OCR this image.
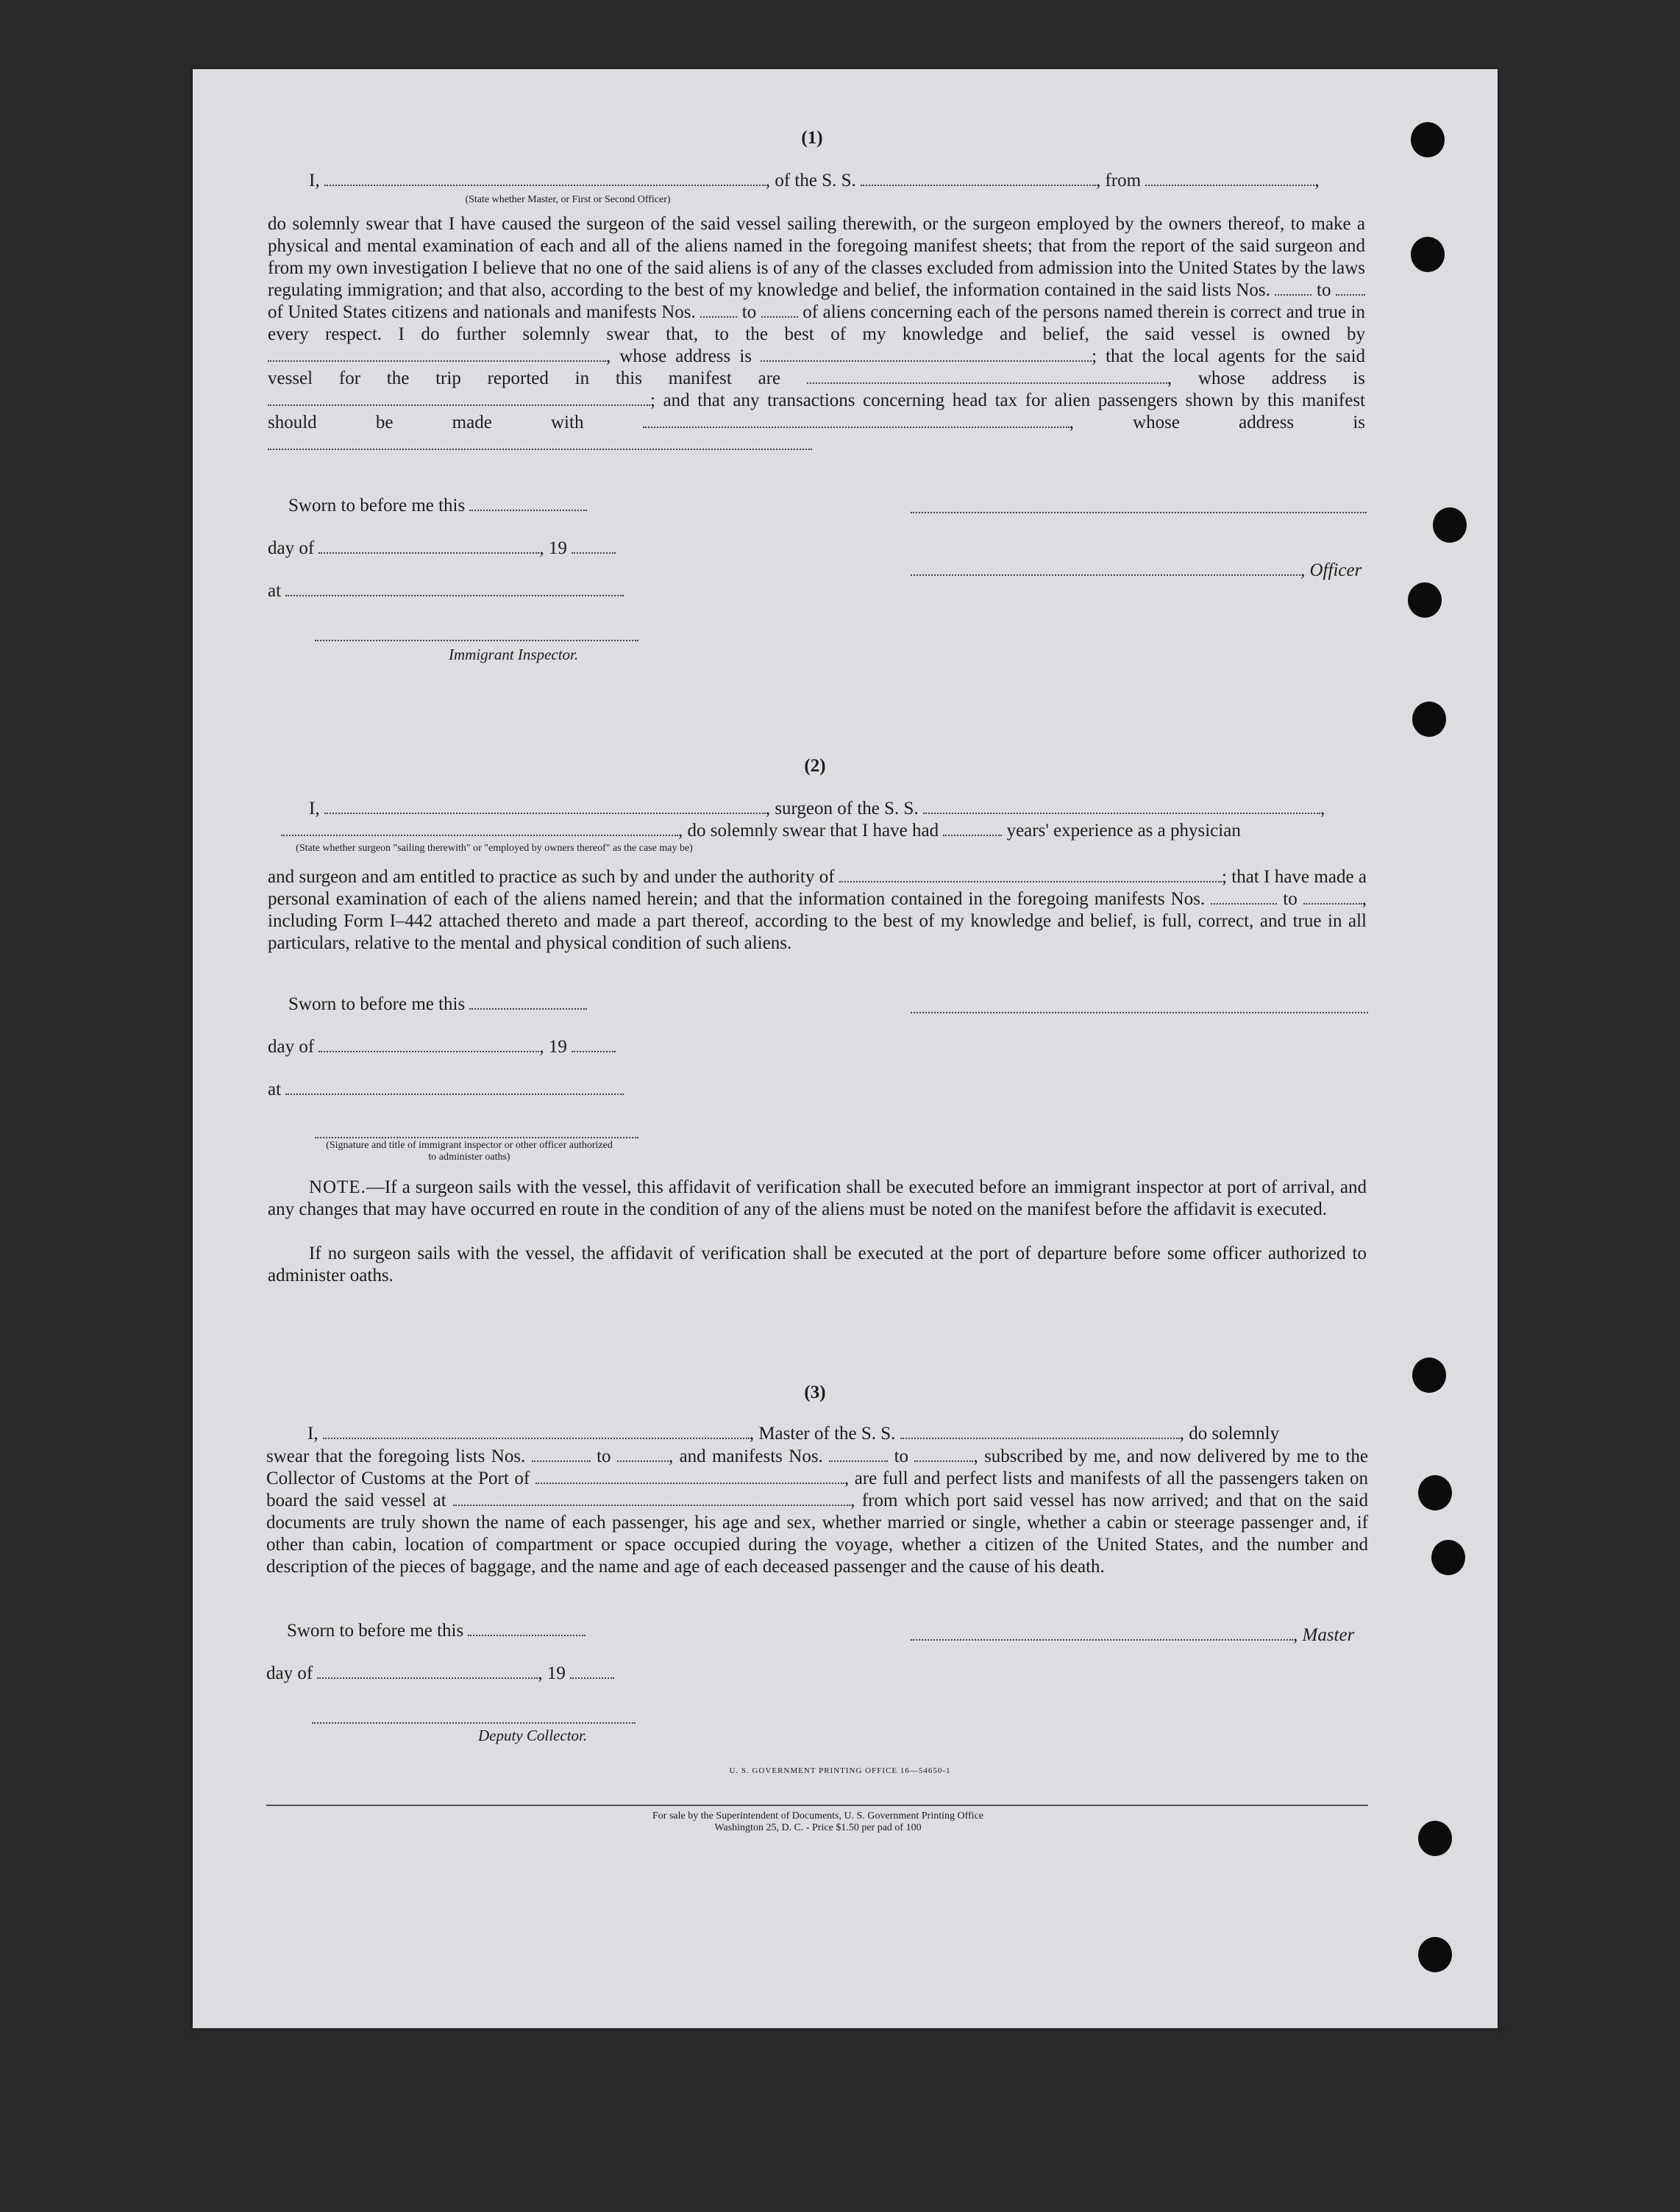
(1)
I,	, of the S. S.	, from	,
(State whether Master, or First or Second Officer)
do solemnly swear that I have caused the surgeon of the said vessel sailing therewith, or the surgeon employed by the owners thereof, to make a physical and mental examination of each and all of the aliens named in the foregoing manifest sheets; that from the report of the said surgeon and from my own investigation I believe that no one of the said aliens is of any of the classes excluded from admission into the United States by the laws regulating immigration; and that also, according to the best of my knowledge and belief, the information contained in the said lists Nos.	to  of United States citizens and nationals and manifests Nos.	to	of aliens concerning each of the persons named therein is correct and true in every respect. I do further solemnly swear that, to the best of my knowledge and belief, the said vessel is owned by , whose address is	; that the local agents for the said vessel for the trip reported in this manifest are	, whose address is ; and that any transactions concerning head tax for alien passengers shown by this manifest should be made with	, whose address is
Sworn to before me this
day of	, 19
, Officer
at
Immigrant Inspector.
(2)
I,	, surgeon of the S. S.	,
, do solemnly swear that I have had	years' experience as a physician
(State whether surgeon "sailing therewith" or "employed by owners thereof" as the case may be)
and surgeon and am entitled to practice as such by and under the authority of	; that I have made a personal examination of each of the aliens named herein; and that the information contained in the foregoing manifests Nos.	to	, including Form I–442 attached thereto and made a part thereof, according to the best of my knowledge and belief, is full, correct, and true in all particulars, relative to the mental and physical condition of such aliens.
Sworn to before me this
day of	, 19
at
(Signature and title of immigrant inspector or other officer authorized to administer oaths)
NOTE.—If a surgeon sails with the vessel, this affidavit of verification shall be executed before an immigrant inspector at port of arrival, and any changes that may have occurred en route in the condition of any of the aliens must be noted on the manifest before the affidavit is executed.
If no surgeon sails with the vessel, the affidavit of verification shall be executed at the port of departure before some officer authorized to administer oaths.
(3)
I,	, Master of the S. S.	, do solemnly
swear that the foregoing lists Nos.	to	, and manifests Nos.	to	, subscribed by me, and now delivered by me to the Collector of Customs at the Port of	, are full and perfect lists and manifests of all the passengers taken on board the said vessel at	, from which port said vessel has now arrived; and that on the said documents are truly shown the name of each passenger, his age and sex, whether married or single, whether a cabin or steerage passenger and, if other than cabin, location of compartment or space occupied during the voyage, whether a citizen of the United States, and the number and description of the pieces of baggage, and the name and age of each deceased passenger and the cause of his death.
Sworn to before me this	, Master
day of	, 19
Deputy Collector.
U. S. GOVERNMENT PRINTING OFFICE 16—54650-1
For sale by the Superintendent of Documents, U. S. Government Printing Office
Washington 25, D. C. - Price $1.50 per pad of 100
